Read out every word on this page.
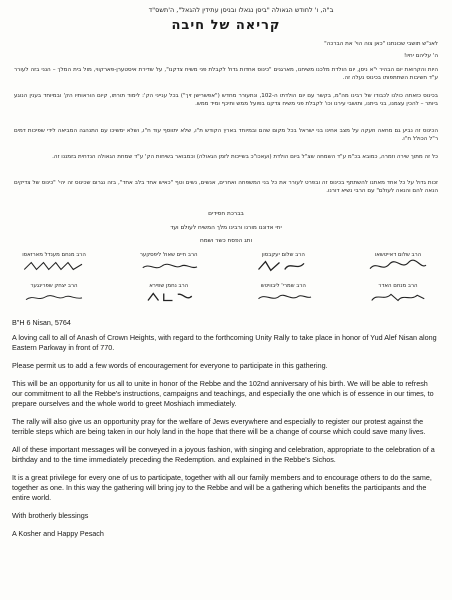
ב"ה, ו' לחודש הגאולה "ביסן נגאלו ובניסן עתידין להגאל", ה'תשס"ד
קריאה של חיבה
לאנ"ש תושבי שכונתנו "כאן צוה הוי' את הברכה"
ה' עליהם יחיו!
היות והקרואת יום הבהיר י"א ניסן, יום הולדת מלכנו משיחנו, מארגנים "כינוס אחדות גדול לקבלת פני משיח צדקנו", על שדירת איסטערן-פארקווי, מול בית המלך – הנני בזה לעורר ע"ד חשיבות השתתפותו בכינוס נעלה זה.
בכינוס כזאתה כולנו לכבודו של רבינו מה"מ, בקשר עם יום הולדתו ה-102, ונתעורר מחדש ("אפשרישן זיך") בכל ענייני הק': לימוד תורתו, קיום הוראותיו הק' ובמיוחד בענין הנוגע ביותר – להכין עצמנו, בני ביתנו, ותושבי עירנו וכו' לקבלת פני משיח צדקנו בפועל ממש ותיכף ומיד ממש.
הכינוס זה נביע גם מחאה וזעקה על מצב אחינו בני ישראל בכל מקום שהם ובמיוחד בארץ הקודש ת"ו, שלא יתווסף עוד ח"ו, ושלא ימשיכו עם התנהגה המביאה לידי שפיכות דמים ר"ל הכולל ח"ו.
כל זה מתוך שירה וזמרה, כמובא בכ"מ ע"ד השמחה שצ"ל ביום הולדת (ועאכו"כ בשייכות לזמן הגאולה) וכמבואר בשיחות הק' ע"ד שמחת הגאולה הנדחית בזמננו זה.
זכות גדול על כל אחד מאתנו להשתתף בכינוס זה ובפרט לעורר את כל בני המשפחה ואחרים, אנשים, נשים וטף "כאיש אחד בלב אחד", בזה נגרום שכינוס זה יהי' "כינוס של צדיקים הנאה להם והנאה לעולם" עם הרבי נשיא דורנו.
בברכת חסידים
יחי אדוננו מורנו ורבינו מלך המשיח לעולם ועד
ותג הפסח כשר ושמח
הרב שלום דאייטשאו
הרב שלום יעקבסון
הרב חיים שאול ליפסקער
הרב מנחם מענדל מארזאסו
הרב מנחם האדר
הרב שמרי' ליבוויטש
הרב נחמן שפירא
הרב יצחק שפרינגער

B"H 6 Nisan, 5764

A loving call to all of Anash of Crown Heights, with regard to the forthcoming Unity Rally to take place in honor of Yud Alef Nisan along Eastern Parkway in front of 770.

Please permit us to add a few words of encouragement for everyone to participate in this gathering.

This will be an opportunity for us all to unite in honor of the Rebbe and the 102nd anniversary of his birth. We will be able to refresh our commitment to all the Rebbe's instructions, campaigns and teachings, and especially the one which is of essence in our times, to prepare ourselves and the whole world to greet Moshiach immediately.

The rally will also give us an opportunity pray for the welfare of Jews everywhere and especially to register our protest against the terrible steps which are being taken in our holy land in the hope that there will be a change of course which could save many lives.

All of these important messages will be conveyed in a joyous fashion, with singing and celebration, appropriate to the celebration of a birthday and to the time immediately preceding the Redemption. and explained in the Rebbe's Sichos.

It is a great privilege for every one of us to participate, together with all our family members and to encourage others to do the same, together as one. In this way the gathering will bring joy to the Rebbe and will be a gathering which benefits the participants and the entire world.

With brotherly blessings

A Kosher and Happy Pesach
